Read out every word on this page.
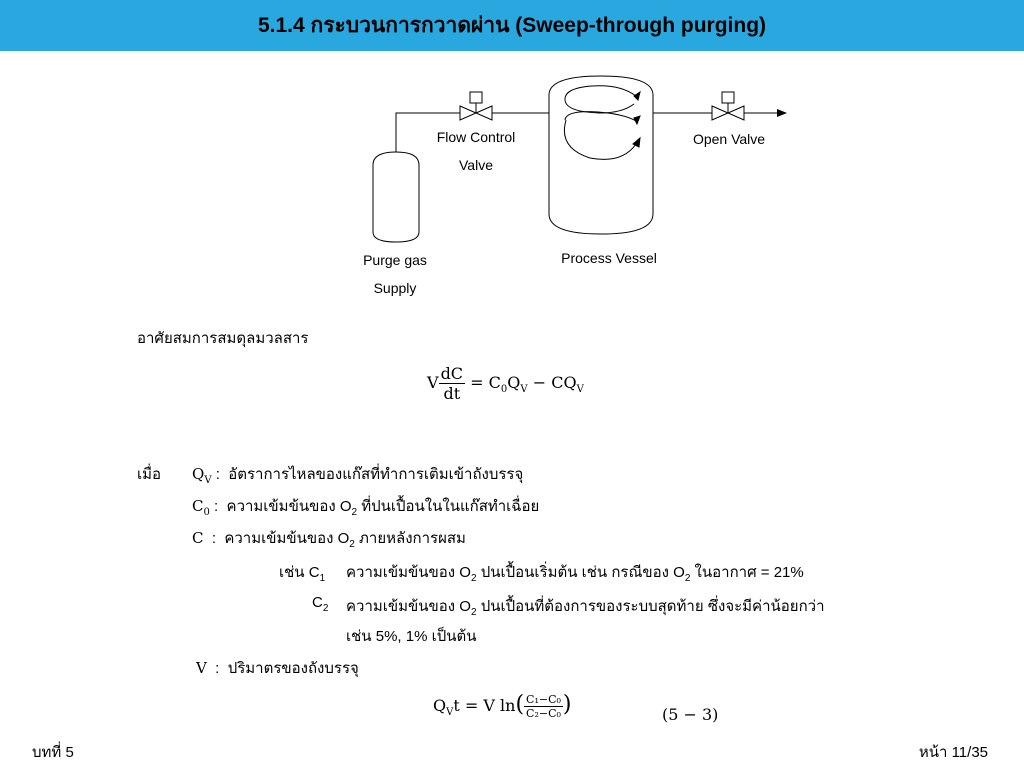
5.1.4 กระบวนการกวาดผ่าน (Sweep-through purging)
Flow Control
Valve
Open Valve
Purge gas
Supply
Process Vessel
อาศัยสมการสมดุลมวลสาร
V $\frac{dC}{dt} = C_0Q_V - CQ_V$
เมื่อ $Q_V$ :  อัตราการไหลของแก๊สที่ทำการเติมเข้าถังบรรจุ
$C_0$ :  ความเข้มข้นของ $O_2$ ที่ปนเปื้อนในในแก๊สทำเฉื่อย
C  :  ความเข้มข้นของ $O_2$ ภายหลังการผสม
เช่น $C_1$ ความเข้มข้นของ $O_2$ ปนเปื้อนเริ่มต้น เช่น กรณีของ $O_2$ ในอากาศ = 21%
$C_2$ ความเข้มข้นของ $O_2$ ปนเปื้อนที่ต้องการของระบบสุดท้าย ซึ่งจะมีค่าน้อยกว่า
เช่น 5%, 1% เป็นต้น
V  :  ปริมาตรของถังบรรจุ
$Q_Vt = V$ $\ln( \frac{\text{C₁−C₀}}{\text{C₂−C₀}}$ )	(5 − 3)
บทที่ 5	หน้า 11/35
